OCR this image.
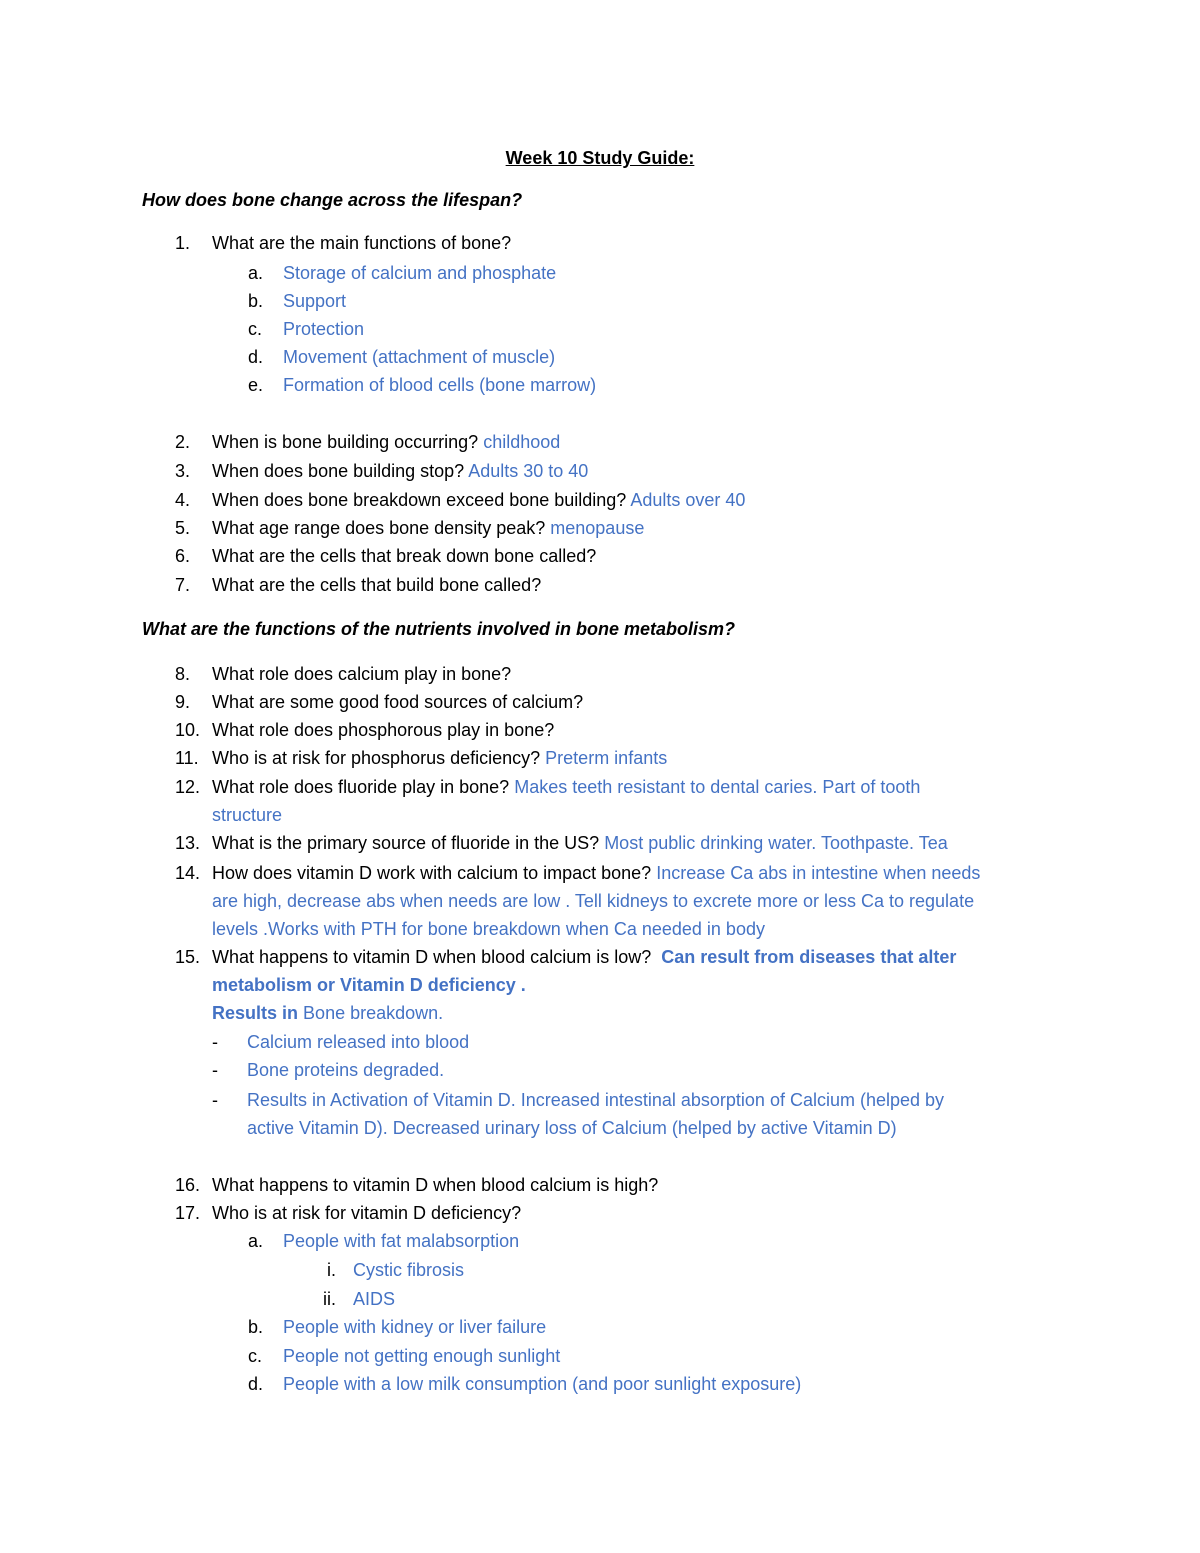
Week 10 Study Guide:
How does bone change across the lifespan?
1. What are the main functions of bone?
a. Storage of calcium and phosphate
b. Support
c. Protection
d. Movement (attachment of muscle)
e. Formation of blood cells (bone marrow)
2. When is bone building occurring? childhood
3. When does bone building stop? Adults 30 to 40
4. When does bone breakdown exceed bone building? Adults over 40
5. What age range does bone density peak? menopause
6. What are the cells that break down bone called?
7. What are the cells that build bone called?
What are the functions of the nutrients involved in bone metabolism?
8. What role does calcium play in bone?
9. What are some good food sources of calcium?
10. What role does phosphorous play in bone?
11. Who is at risk for phosphorus deficiency? Preterm infants
12. What role does fluoride play in bone? Makes teeth resistant to dental caries. Part of tooth
structure
13. What is the primary source of fluoride in the US? Most public drinking water. Toothpaste. Tea
14. How does vitamin D work with calcium to impact bone? Increase Ca abs in intestine when needs
are high, decrease abs when needs are low . Tell kidneys to excrete more or less Ca to regulate
levels .Works with PTH for bone breakdown when Ca needed in body
15. What happens to vitamin D when blood calcium is low? Can result from diseases that alter
metabolism or Vitamin D deficiency .
Results in Bone breakdown.
- Calcium released into blood
- Bone proteins degraded.
- Results in Activation of Vitamin D. Increased intestinal absorption of Calcium (helped by
active Vitamin D). Decreased urinary loss of Calcium (helped by active Vitamin D)
16. What happens to vitamin D when blood calcium is high?
17. Who is at risk for vitamin D deficiency?
a. People with fat malabsorption
i. Cystic fibrosis
ii. AIDS
b. People with kidney or liver failure
c. People not getting enough sunlight
d. People with a low milk consumption (and poor sunlight exposure)
